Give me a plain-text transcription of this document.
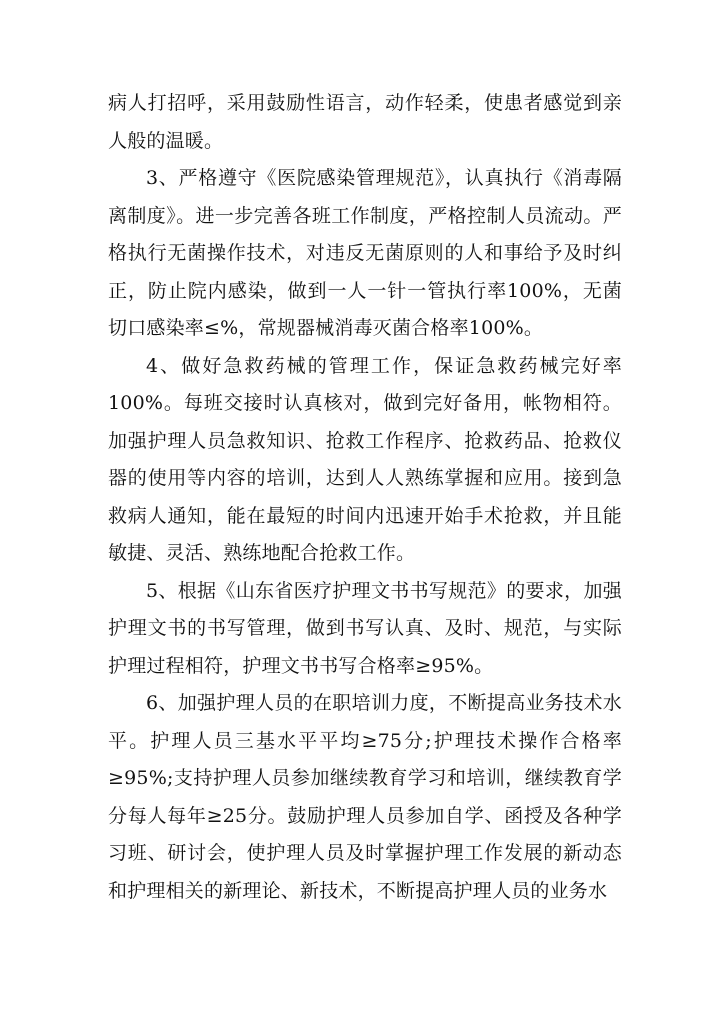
病人打招呼，采用鼓励性语言，动作轻柔，使患者感觉到亲人般的温暖。

3、严格遵守《医院感染管理规范》，认真执行《消毒隔离制度》。进一步完善各班工作制度，严格控制人员流动。严格执行无菌操作技术，对违反无菌原则的人和事给予及时纠正，防止院内感染，做到一人一针一管执行率100%，无菌切口感染率≤%，常规器械消毒灭菌合格率100%。

4、做好急救药械的管理工作，保证急救药械完好率100%。每班交接时认真核对，做到完好备用，帐物相符。加强护理人员急救知识、抢救工作程序、抢救药品、抢救仪器的使用等内容的培训，达到人人熟练掌握和应用。接到急救病人通知，能在最短的时间内迅速开始手术抢救，并且能敏捷、灵活、熟练地配合抢救工作。

5、根据《山东省医疗护理文书书写规范》的要求，加强护理文书的书写管理，做到书写认真、及时、规范，与实际护理过程相符，护理文书书写合格率≥95%。

6、加强护理人员的在职培训力度，不断提高业务技术水平。护理人员三基水平平均≥75分;护理技术操作合格率≥95%;支持护理人员参加继续教育学习和培训，继续教育学分每人每年≥25分。鼓励护理人员参加自学、函授及各种学习班、研讨会，使护理人员及时掌握护理工作发展的新动态和护理相关的新理论、新技术，不断提高护理人员的业务水
